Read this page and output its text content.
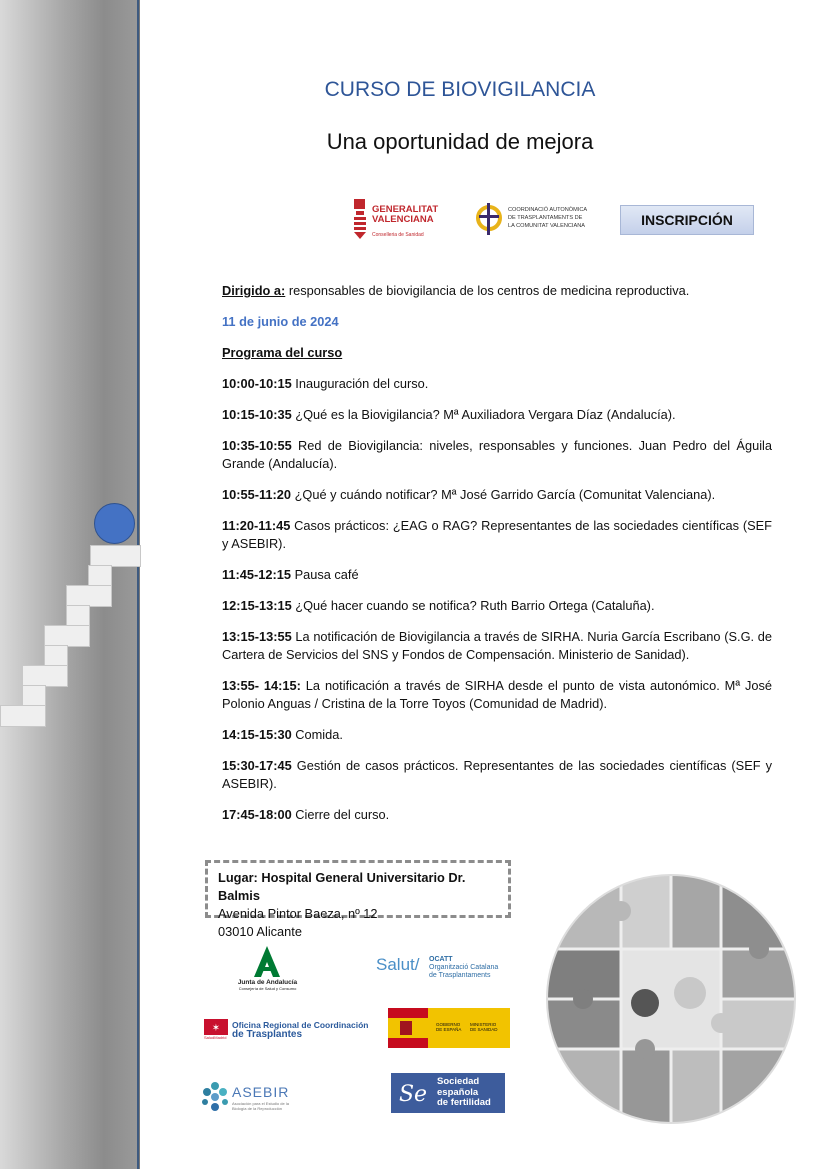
CURSO DE BIOVIGILANCIA
Una oportunidad de mejora
GENERALITAT
VALENCIANA
Conselleria de Sanidad
COORDINACIÓ AUTONÒMICA
DE TRASPLANTAMENTS DE
LA COMUNITAT VALENCIANA	INSCRIPCIÓN

Dirigido a: responsables de biovigilancia de los centros de medicina reproductiva.

11 de junio de 2024

Programa del curso

10:00-10:15 Inauguración del curso.

10:15-10:35 ¿Qué es la Biovigilancia? Mª Auxiliadora Vergara Díaz (Andalucía).

10:35-10:55 Red de Biovigilancia: niveles, responsables y funciones. Juan Pedro del Águila Grande (Andalucía).

10:55-11:20 ¿Qué y cuándo notificar? Mª José Garrido García (Comunitat Valenciana).

11:20-11:45 Casos prácticos: ¿EAG o RAG? Representantes de las sociedades científicas (SEF y ASEBIR).

11:45-12:15 Pausa café

12:15-13:15 ¿Qué hacer cuando se notifica? Ruth Barrio Ortega (Cataluña).

13:15-13:55 La notificación de Biovigilancia a través de SIRHA. Nuria García Escribano (S.G. de Cartera de Servicios del SNS y Fondos de Compensación. Ministerio de Sanidad).

13:55- 14:15: La notificación a través de SIRHA desde el punto de vista autonómico. Mª José Polonio Anguas / Cristina de la Torre Toyos (Comunidad de Madrid).

14:15-15:30 Comida.

15:30-17:45 Gestión de casos prácticos. Representantes de las sociedades científicas (SEF y ASEBIR).

17:45-18:00 Cierre del curso.

Lugar: Hospital General Universitario Dr. Balmis
Avenida Pintor Baeza, nº 12
03010 Alicante
Junta de Andalucía
Consejería de Salud y Consumo
Salut/ OCATT
Organització Catalana
de Trasplantaments
✶
SaludMadrid
Oficina Regional de Coordinación
de Trasplantes
GOBIERNO
DE ESPAÑA
MINISTERIO
DE SANIDAD
ASEBIR
Asociación para el Estudio de la
Biología de la Reproducción
Se
Sociedad
española
de fertilidad
